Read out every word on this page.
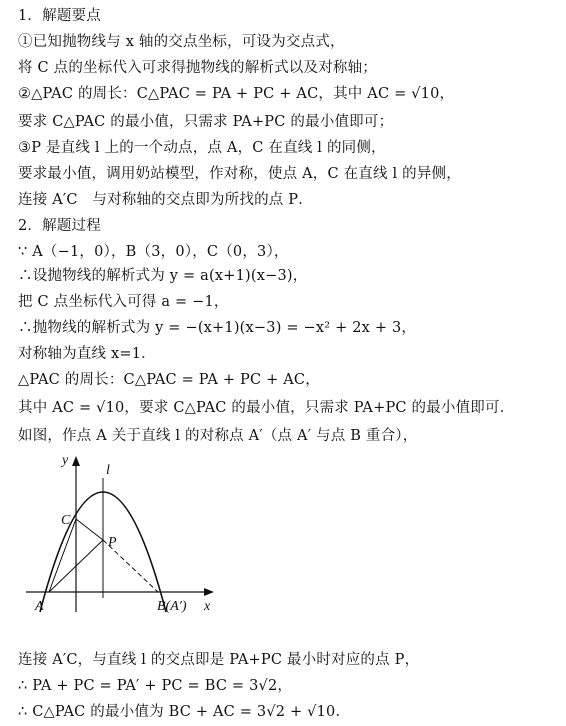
1．解题要点
①已知抛物线与 x 轴的交点坐标，可设为交点式，
将 C 点的坐标代入可求得抛物线的解析式以及对称轴；
②△PAC 的周长：C△PAC = PA + PC + AC，其中 AC = √10，
要求 C△PAC 的最小值，只需求 PA+PC 的最小值即可；
③P 是直线 l 上的一个动点，点 A，C 在直线 l 的同侧，
要求最小值，调用奶站模型，作对称，使点 A，C 在直线 l 的异侧，
连接 A′C　与对称轴的交点即为所找的点 P．
2．解题过程
∵ A（−1，0），B（3，0），C（0，3），
∴设抛物线的解析式为 y = a(x+1)(x−3)，
把 C 点坐标代入可得 a = −1，
∴抛物线的解析式为 y = −(x+1)(x−3) = −x² + 2x + 3，
对称轴为直线 x=1．
△PAC 的周长：C△PAC = PA + PC + AC，
其中 AC = √10，要求 C△PAC 的最小值，只需求 PA+PC 的最小值即可．
如图，作点 A 关于直线 l 的对称点 A′（点 A′ 与点 B 重合），
y
x
l
C
P
A	B(A′)
连接 A′C，与直线 l 的交点即是 PA+PC 最小时对应的点 P，
∴ PA + PC = PA′ + PC = BC = 3√2，
∴ C△PAC 的最小值为 BC + AC = 3√2 + √10．
